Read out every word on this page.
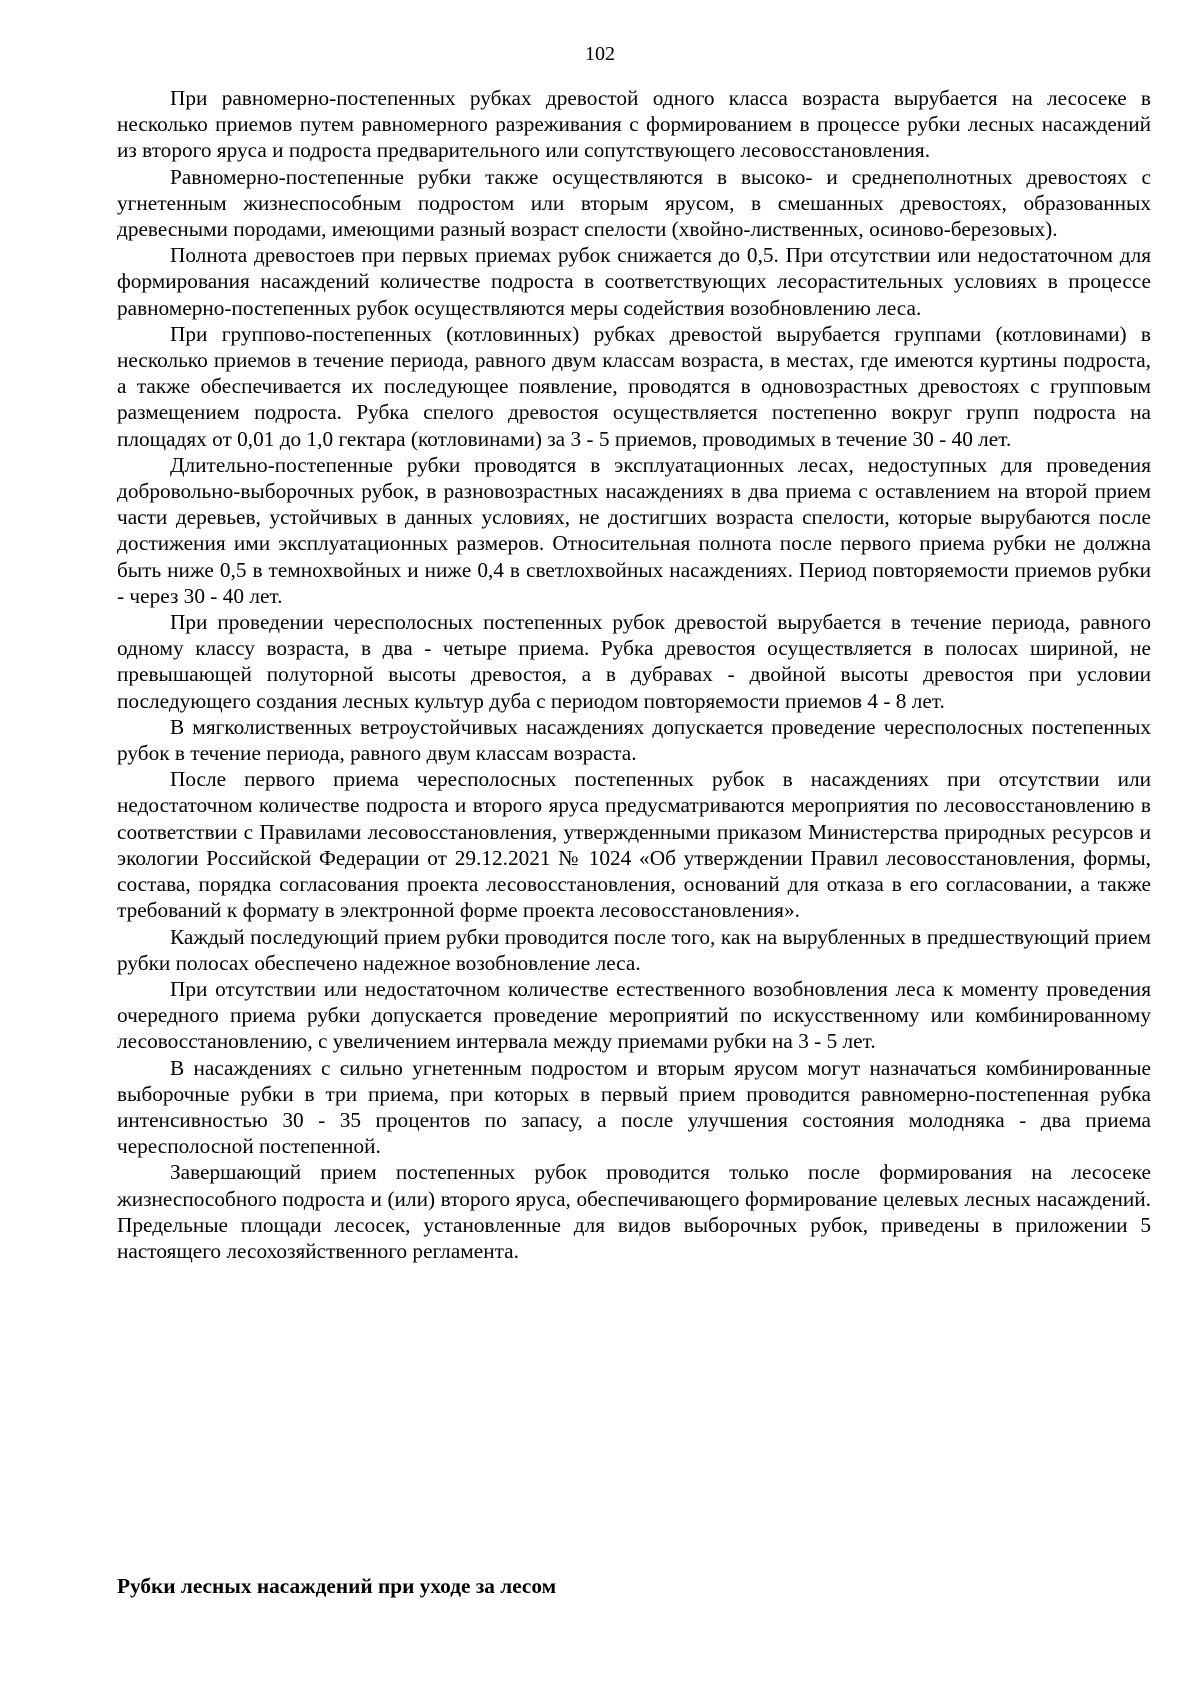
102

При равномерно-постепенных рубках древостой одного класса возраста вырубается на лесосеке в несколько приемов путем равномерного разреживания с формированием в процессе рубки лесных насаждений из второго яруса и подроста предварительного или сопутствующего лесовосстановления.

Равномерно-постепенные рубки также осуществляются в высоко- и среднеполнотных древостоях с угнетенным жизнеспособным подростом или вторым ярусом, в смешанных древостоях, образованных древесными породами, имеющими разный возраст спелости (хвойно-лиственных, осиново-березовых).

Полнота древостоев при первых приемах рубок снижается до 0,5. При отсутствии или недостаточном для формирования насаждений количестве подроста в соответствующих лесорастительных условиях в процессе равномерно-постепенных рубок осуществляются меры содействия возобновлению леса.

При группово-постепенных (котловинных) рубках древостой вырубается группами (котловинами) в несколько приемов в течение периода, равного двум классам возраста, в местах, где имеются куртины подроста, а также обеспечивается их последующее появление, проводятся в одновозрастных древостоях с групповым размещением подроста. Рубка спелого древостоя осуществляется постепенно вокруг групп подроста на площадях от 0,01 до 1,0 гектара (котловинами) за 3 - 5 приемов, проводимых в течение 30 - 40 лет.

Длительно-постепенные рубки проводятся в эксплуатационных лесах, недоступных для проведения добровольно-выборочных рубок, в разновозрастных насаждениях в два приема с оставлением на второй прием части деревьев, устойчивых в данных условиях, не достигших возраста спелости, которые вырубаются после достижения ими эксплуатационных размеров. Относительная полнота после первого приема рубки не должна быть ниже 0,5 в темнохвойных и ниже 0,4 в светлохвойных насаждениях. Период повторяемости приемов рубки - через 30 - 40 лет.

При проведении чересполосных постепенных рубок древостой вырубается в течение периода, равного одному классу возраста, в два - четыре приема. Рубка древостоя осуществляется в полосах шириной, не превышающей полуторной высоты древостоя, а в дубравах - двойной высоты древостоя при условии последующего создания лесных культур дуба с периодом повторяемости приемов 4 - 8 лет.

В мягколиственных ветроустойчивых насаждениях допускается проведение чересполосных постепенных рубок в течение периода, равного двум классам возраста.

После первого приема чересполосных постепенных рубок в насаждениях при отсутствии или недостаточном количестве подроста и второго яруса предусматриваются мероприятия по лесовосстановлению в соответствии с Правилами лесовосстановления, утвержденными приказом Министерства природных ресурсов и экологии Российской Федерации от 29.12.2021 № 1024 «Об утверждении Правил лесовосстановления, формы, состава, порядка согласования проекта лесовосстановления, оснований для отказа в его согласовании, а также требований к формату в электронной форме проекта лесовосстановления».

Каждый последующий прием рубки проводится после того, как на вырубленных в предшествующий прием рубки полосах обеспечено надежное возобновление леса.

При отсутствии или недостаточном количестве естественного возобновления леса к моменту проведения очередного приема рубки допускается проведение мероприятий по искусственному или комбинированному лесовосстановлению, с увеличением интервала между приемами рубки на 3 - 5 лет.

В насаждениях с сильно угнетенным подростом и вторым ярусом могут назначаться комбинированные выборочные рубки в три приема, при которых в первый прием проводится равномерно-постепенная рубка интенсивностью 30 - 35 процентов по запасу, а после улучшения состояния молодняка - два приема чересполосной постепенной.

Завершающий прием постепенных рубок проводится только после формирования на лесосеке жизнеспособного подроста и (или) второго яруса, обеспечивающего формирование целевых лесных насаждений. Предельные площади лесосек, установленные для видов выборочных рубок, приведены в приложении 5 настоящего лесохозяйственного регламента.

Рубки лесных насаждений при уходе за лесом
